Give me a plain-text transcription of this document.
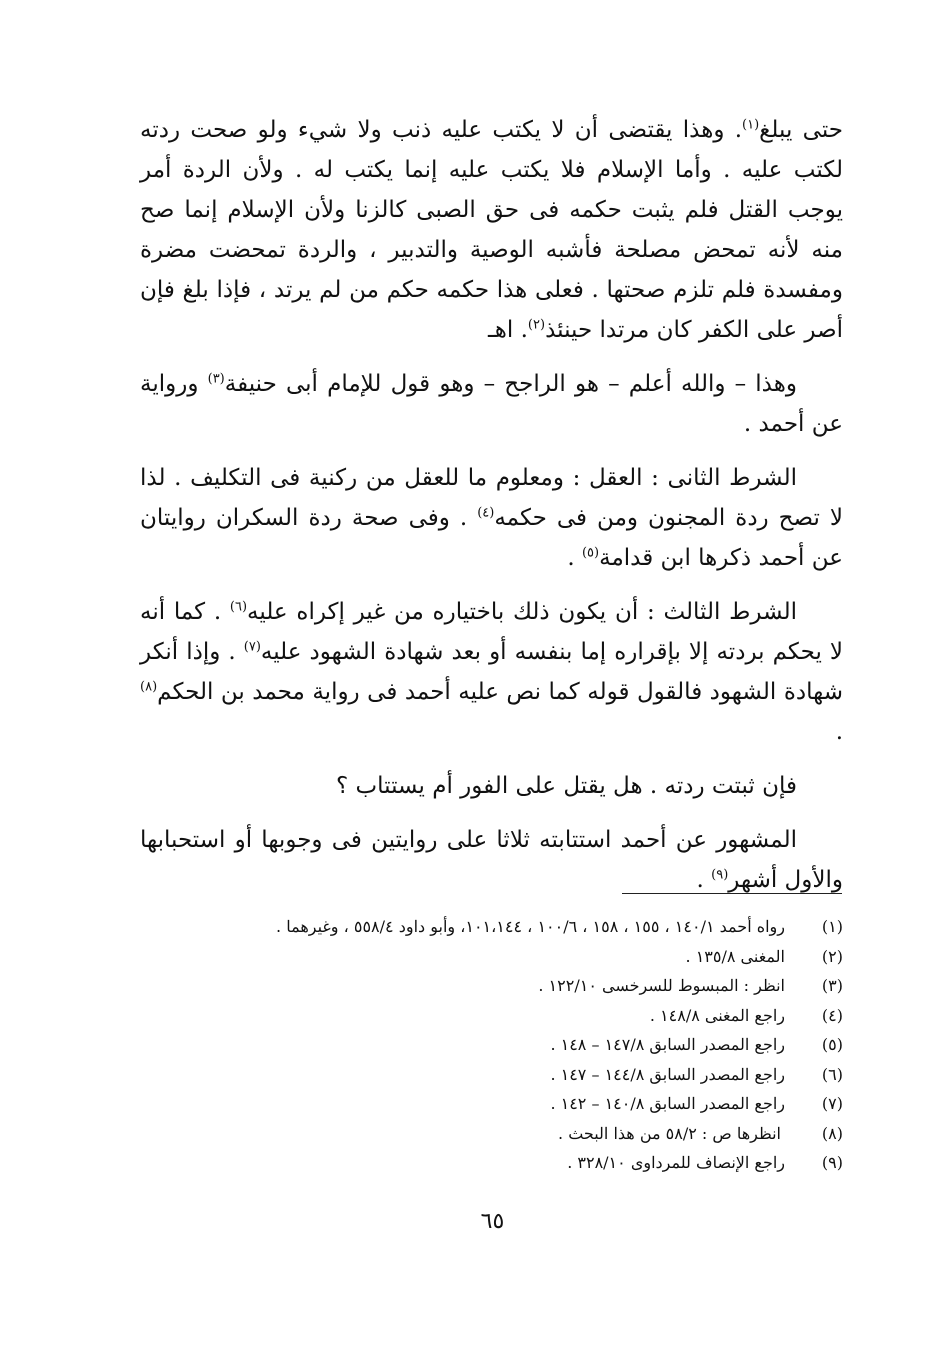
حتى يبلغ$^{(١)}$. وهذا يقتضى أن لا يكتب عليه ذنب ولا شيء ولو صحت ردته لكتب عليه . وأما الإسلام فلا يكتب عليه إنما يكتب له . ولأن الردة أمر يوجب القتل فلم يثبت حكمه فى حق الصبى كالزنا ولأن الإسلام إنما صح منه لأنه تمحض مصلحة فأشبه الوصية والتدبير ، والردة تمحضت مضرة ومفسدة فلم تلزم صحتها . فعلى هذا حكمه حكم من لم يرتد ، فإذا بلغ فإن أصر على الكفر كان مرتدا حينئذ$^{(٢)}$. اهـ

وهذا – والله أعلم – هو الراجح – وهو قول للإمام أبى حنيفة$^{(٣)}$ ورواية عن أحمد .

الشرط الثانى : العقل : ومعلوم ما للعقل من ركنية فى التكليف . لذا لا تصح ردة المجنون ومن فى حكمه$^{(٤)}$ . وفى صحة ردة السكران روايتان عن أحمد ذكرها ابن قدامة$^{(٥)}$ .

الشرط الثالث : أن يكون ذلك باختياره من غير إكراه عليه$^{(٦)}$ . كما أنه لا يحكم بردته إلا بإقراره إما بنفسه أو بعد شهادة الشهود عليه$^{(٧)}$ . وإذا أنكر شهادة الشهود فالقول قوله كما نص عليه أحمد فى رواية محمد بن الحكم$^{(٨)}$ .

فإن ثبتت ردته . هل يقتل على الفور أم يستتاب ؟

المشهور عن أحمد استتابته ثلاثا على روايتين فى وجوبها أو استحبابها والأول أشهر$^{(٩)}$ .

(١)
رواه أحمد ١٤٠/١ ، ١٥٥ ، ١٥٨ ، ١٠٠/٦ ، ١٠١،١٤٤، وأبو داود ٥٥٨/٤ ، وغيرهما .
(٢)
المغنى ١٣٥/٨ .
(٣)
انظر : المبسوط للسرخسى ١٢٢/١٠ .
(٤)
راجع المغنى ١٤٨/٨ .
(٥)
راجع المصدر السابق ١٤٧/٨ – ١٤٨ .
(٦)
راجع المصدر السابق ١٤٤/٨ – ١٤٧ .
(٧)
راجع المصدر السابق ١٤٠/٨ – ١٤٢ .
(٨)
انظرها ص : ٥٨/٢ من هذا البحث .
(٩)
راجع الإنصاف للمرداوى ٣٢٨/١٠ .
٦٥
